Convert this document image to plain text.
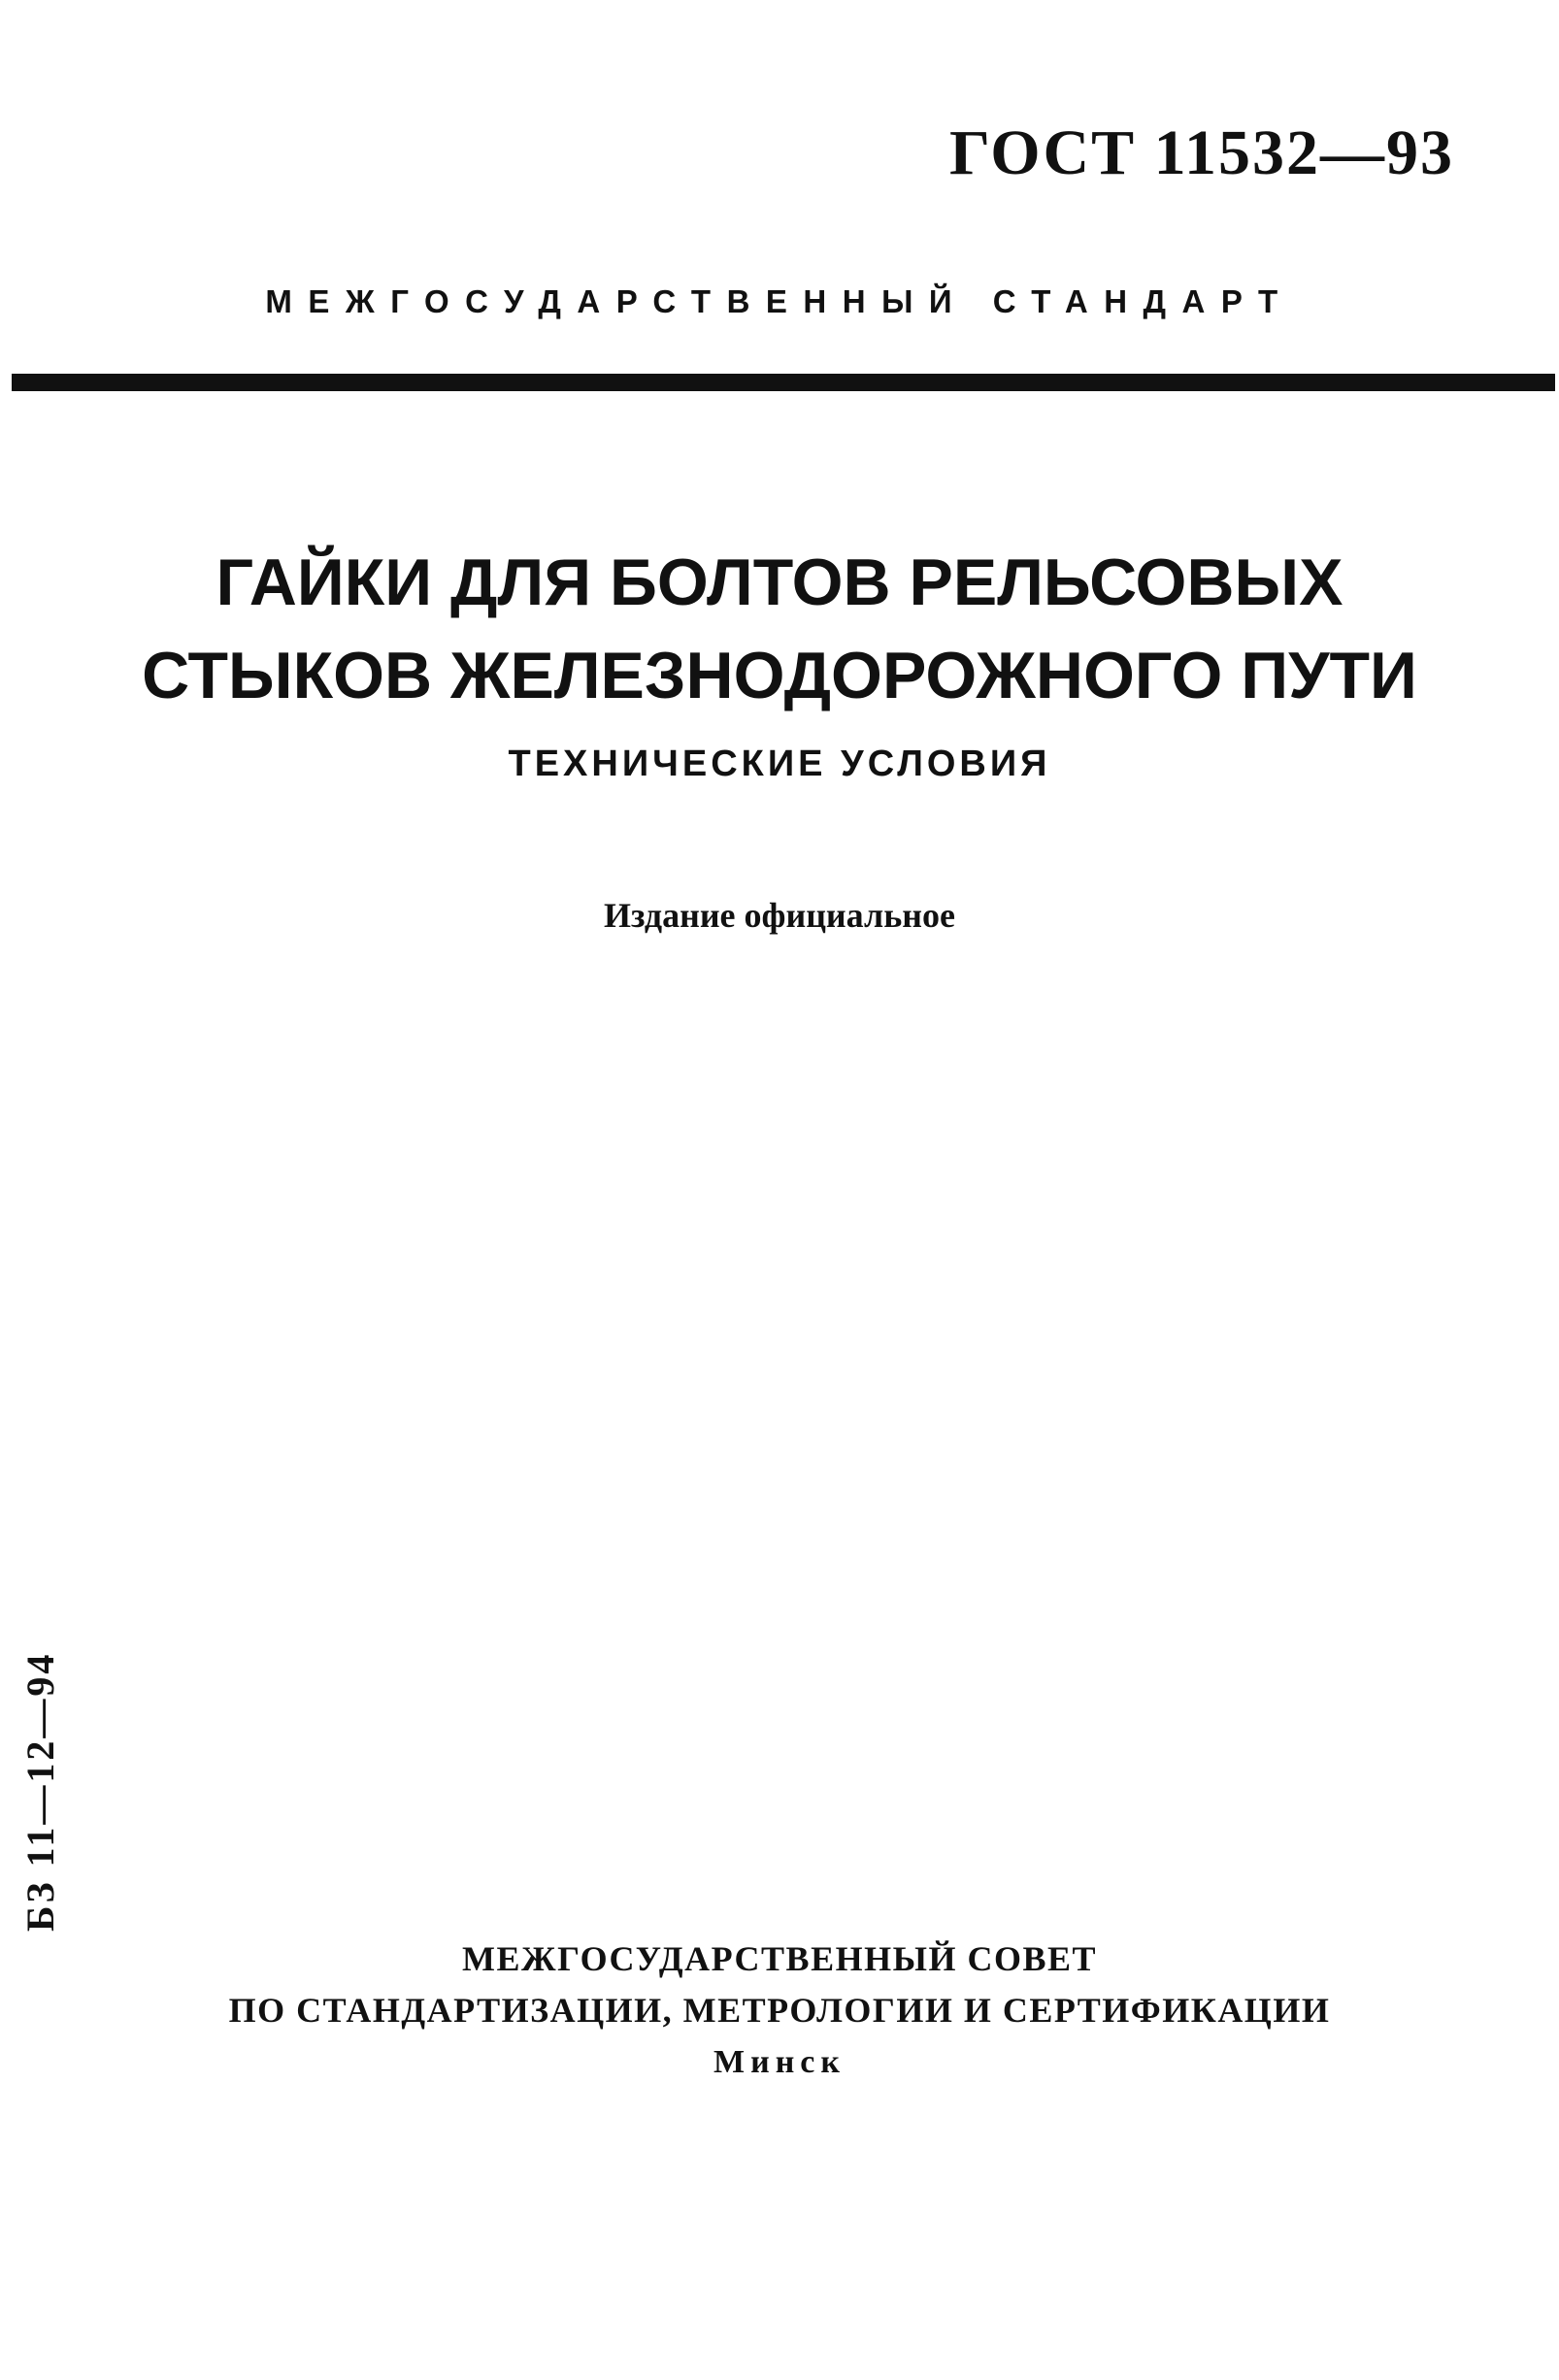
ГОСТ 11532—93
МЕЖГОСУДАРСТВЕННЫЙ СТАНДАРТ
ГАЙКИ ДЛЯ БОЛТОВ РЕЛЬСОВЫХ
СТЫКОВ ЖЕЛЕЗНОДОРОЖНОГО ПУТИ
ТЕХНИЧЕСКИЕ УСЛОВИЯ
Издание официальное
БЗ 11—12—94
МЕЖГОСУДАРСТВЕННЫЙ СОВЕТ
ПО СТАНДАРТИЗАЦИИ, МЕТРОЛОГИИ И СЕРТИФИКАЦИИ
Минск
